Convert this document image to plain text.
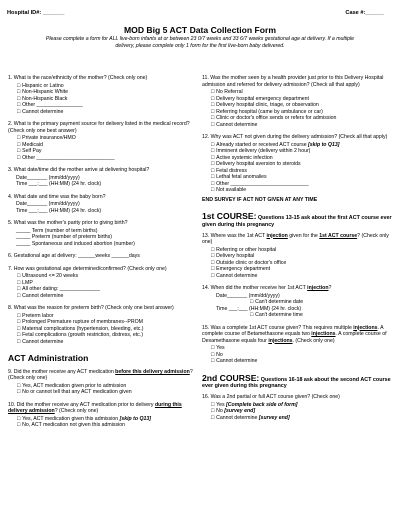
Hospital ID#: _______	Case #:______
MOD Big 5 ACT Data Collection Form
Please complete a form for ALL live-born infants at or between 23 0/7 weeks and 33 6/7 weeks gestational age at delivery. If a multiple delivery, please complete only 1 form for the first live-born baby delivered.
1. What is the race/ethnicity of the mother? (Check only one)
□ Hispanic or Latino
□ Non-Hispanic White
□ Non-Hispanic Black
□ Other ________________
□ Cannot determine
2. What is the primary payment source for delivery listed in the medical record? (Check only one best answer)
□ Private insurance/HMO
□ Medicaid
□ Self Pay
□ Other ___________________________
3. What date/time did the mother arrive at delivering hospital?
Date_______ (mm/dd/yyyy)
Time ___:___ (HH:MM) (24 hr. clock)
4. What date and time was the baby born?
Date_______ (mm/dd/yyyy)
Time ___:___ (HH:MM) (24 hr. clock)
5. What was the mother's parity prior to giving birth?
_____ Term (number of term births)
_____ Preterm (number of preterm births)
_____ Spontaneous and induced abortion (number)
6. Gestational age at delivery: ______weeks ______days
7. How was gestational age determined/confirmed? (Check only one)
□ Ultrasound <= 20 weeks
□ LMP
□ All other dating: ______________
□ Cannot determine
8. What was the reason for preterm birth? (Check only one best answer)
□ Preterm labor
□ Prolonged Premature rupture of membranes--PROM
□ Maternal complications (hypertension, bleeding, etc.)
□ Fetal complications (growth restriction, distress, etc.)
□ Cannot determine
ACT Administration
9. Did the mother receive any ACT medication before this delivery admission? (Check only one)
□ Yes, ACT medication given prior to admission
□ No or cannot tell that any ACT medication given
10. Did the mother receive any ACT medication prior to delivery during this delivery admission? (Check only one)
□ Yes, ACT medication given this admission [skip to Q13]
□ No, ACT medication not given this admission
11. Was the mother seen by a health provider just prior to this Delivery Hospital admission and referred for delivery admission? (Check all that apply)
□ No Referral
□ Delivery hospital emergency department
□ Delivery hospital clinic, triage, or observation
□ Referring hospital (came by ambulance or car)
□ Clinic or doctor's office sends or refers for admission
□ Cannot determine
12. Why was ACT not given during the delivery admission? (Check all that apply)
□ Already started or received ACT course [skip to Q13]
□ Imminent delivery (delivery within 2 hour)
□ Active systemic infection
□ Delivery hospital aversion to steroids
□ Fetal distress
□ Lethal fetal anomalies
□ Other ___________________________
□ Not available
END SURVEY IF ACT NOT GIVEN AT ANY TIME
1st COURSE: Questions 13-15 ask about the first ACT course ever given during this pregnancy
13. Where was the 1st ACT injection given for the 1st ACT course? (Check only one)
□ Referring or other hospital
□ Delivery hospital
□ Outside clinic or doctor's office
□ Emergency department
□ Cannot determine
14. When did the mother receive her 1st ACT injection?
Date_______ (mm/dd/yyyy)
□ Can't determine date
Time ___:___ (HH:MM) (24 hr. clock)
□ Can't determine time
15. Was a complete 1st ACT course given? This requires multiple injections. A complete course of Betamethasone equals two injections. A complete course of Dexamethasone equals four injections. (Check only one)
□ Yes
□ No
□ Cannot determine
2nd COURSE: Questions 16-18 ask about the second ACT course ever given during this pregnancy
16. Was a 2nd partial or full ACT course given? (Check one)
□ Yes [Complete back side of form]
□ No [survey end]
□ Cannot determine [survey end]
